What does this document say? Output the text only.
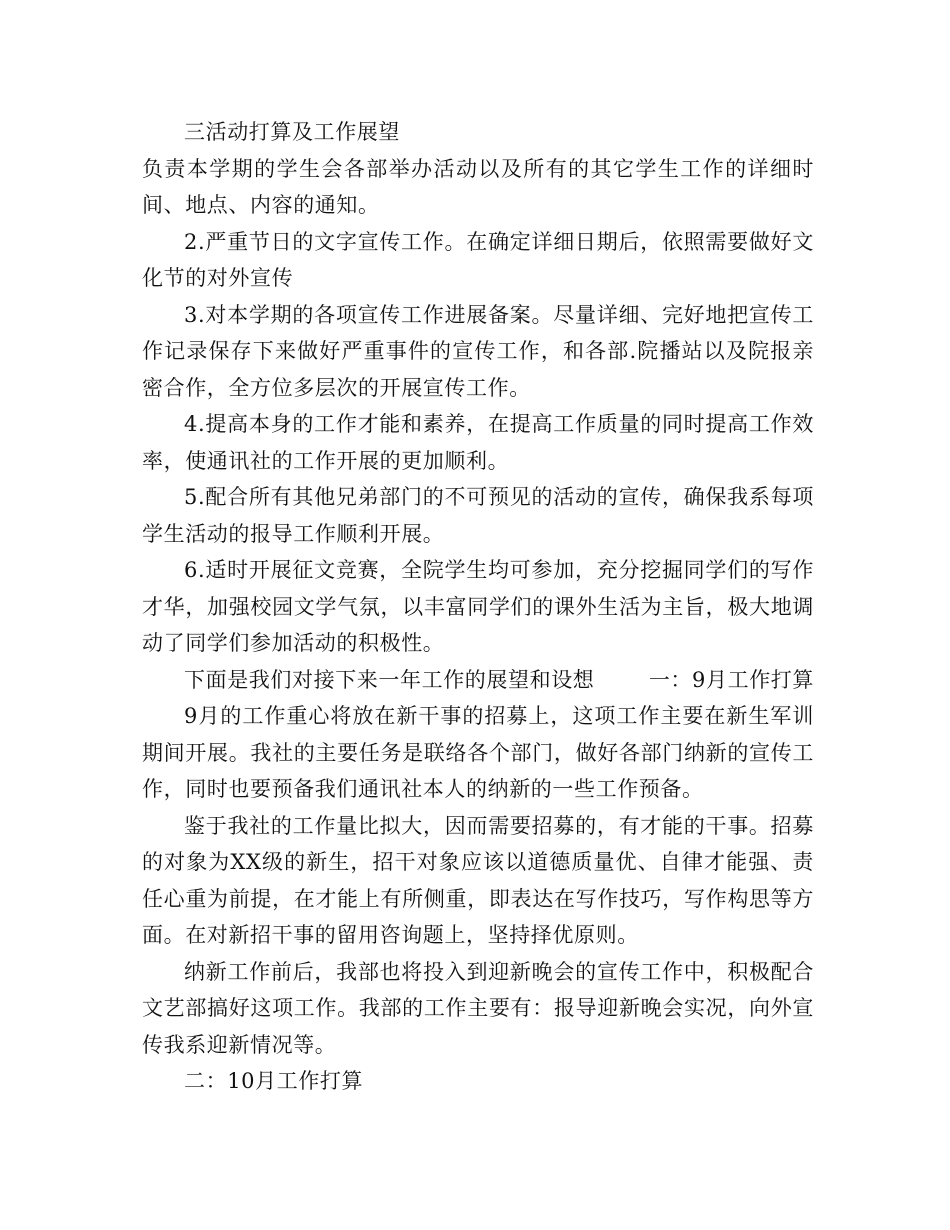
三活动打算及工作展望

负责本学期的学生会各部举办活动以及所有的其它学生工作的详细时间、地点、内容的通知。

2.严重节日的文字宣传工作。在确定详细日期后，依照需要做好文化节的对外宣传

3.对本学期的各项宣传工作进展备案。尽量详细、完好地把宣传工作记录保存下来做好严重事件的宣传工作，和各部.院播站以及院报亲密合作，全方位多层次的开展宣传工作。

4.提高本身的工作才能和素养，在提高工作质量的同时提高工作效率，使通讯社的工作开展的更加顺利。

5.配合所有其他兄弟部门的不可预见的活动的宣传，确保我系每项学生活动的报导工作顺利开展。

6.适时开展征文竞赛，全院学生均可参加，充分挖掘同学们的写作才华，加强校园文学气氛，以丰富同学们的课外生活为主旨，极大地调动了同学们参加活动的积极性。

下面是我们对接下来一年工作的展望和设想	一：9月工作打算

9月的工作重心将放在新干事的招募上，这项工作主要在新生军训期间开展。我社的主要任务是联络各个部门，做好各部门纳新的宣传工作，同时也要预备我们通讯社本人的纳新的一些工作预备。

鉴于我社的工作量比拟大，因而需要招募的，有才能的干事。招募的对象为XX级的新生，招干对象应该以道德质量优、自律才能强、责任心重为前提，在才能上有所侧重，即表达在写作技巧，写作构思等方面。在对新招干事的留用咨询题上，坚持择优原则。

纳新工作前后，我部也将投入到迎新晚会的宣传工作中，积极配合文艺部搞好这项工作。我部的工作主要有：报导迎新晚会实况，向外宣传我系迎新情况等。

二：10月工作打算
